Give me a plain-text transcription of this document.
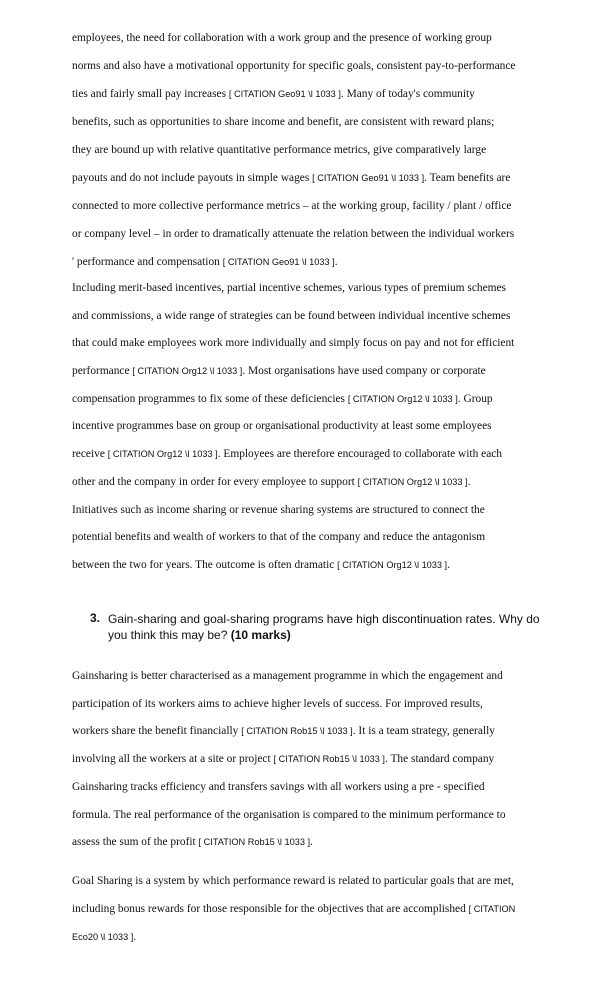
employees, the need for collaboration with a work group and the presence of working group
norms and also have a motivational opportunity for specific goals, consistent pay-to-performance
ties and fairly small pay increases [ CITATION Geo91 \l 1033 ]. Many of today's community
benefits, such as opportunities to share income and benefit, are consistent with reward plans;
they are bound up with relative quantitative performance metrics, give comparatively large
payouts and do not include payouts in simple wages [ CITATION Geo91 \l 1033 ]. Team benefits are
connected to more collective performance metrics – at the working group, facility / plant / office
or company level – in order to dramatically attenuate the relation between the individual workers
' performance and compensation [ CITATION Geo91 \l 1033 ].
Including merit-based incentives, partial incentive schemes, various types of premium schemes
and commissions, a wide range of strategies can be found between individual incentive schemes
that could make employees work more individually and simply focus on pay and not for efficient
performance [ CITATION Org12 \l 1033 ]. Most organisations have used company or corporate
compensation programmes to fix some of these deficiencies [ CITATION Org12 \l 1033 ]. Group
incentive programmes base on group or organisational productivity at least some employees
receive [ CITATION Org12 \l 1033 ]. Employees are therefore encouraged to collaborate with each
other and the company in order for every employee to support [ CITATION Org12 \l 1033 ].
Initiatives such as income sharing or revenue sharing systems are structured to connect the
potential benefits and wealth of workers to that of the company and reduce the antagonism
between the two for years. The outcome is often dramatic [ CITATION Org12 \l 1033 ].
3. Gain-sharing and goal-sharing programs have high discontinuation rates. Why do
you think this may be? (10 marks)
Gainsharing is better characterised as a management programme in which the engagement and
participation of its workers aims to achieve higher levels of success. For improved results,
workers share the benefit financially [ CITATION Rob15 \l 1033 ]. It is a team strategy, generally
involving all the workers at a site or project [ CITATION Rob15 \l 1033 ]. The standard company
Gainsharing tracks efficiency and transfers savings with all workers using a pre - specified
formula. The real performance of the organisation is compared to the minimum performance to
assess the sum of the profit [ CITATION Rob15 \l 1033 ].
Goal Sharing is a system by which performance reward is related to particular goals that are met,
including bonus rewards for those responsible for the objectives that are accomplished [ CITATION
Eco20 \l 1033 ].
